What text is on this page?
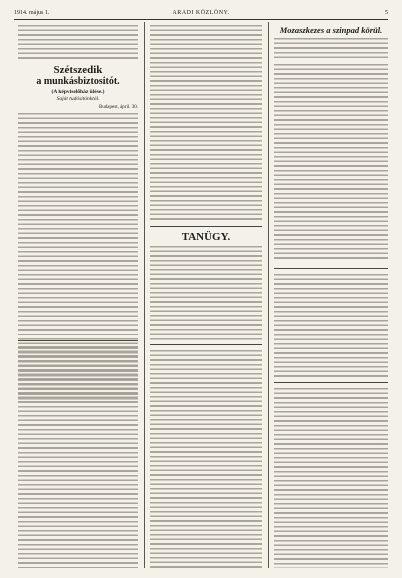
1914. május 1.	ARADI KÖZLÖNY.	5
Szétszedik
a munkásbiztositót.
(A képviselőház ülése.)
Saját tudósitónktól.
Budapest, ápril. 30.
TANÜGY.
Mozaszkezes a szinpad körül.
